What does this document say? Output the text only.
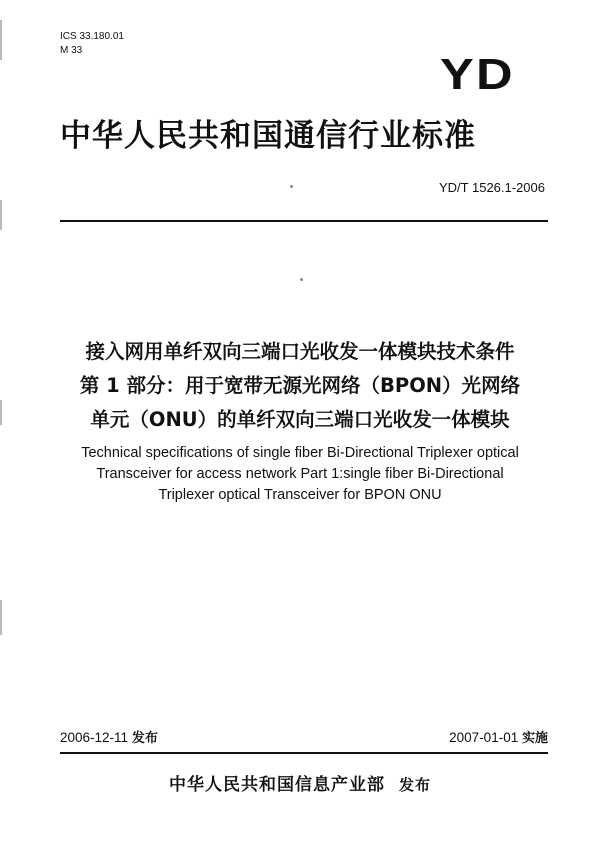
ICS 33.180.01
M 33	YD
中华人民共和国通信行业标准
YD/T 1526.1-2006
接入网用单纤双向三端口光收发一体模块技术条件
第 1 部分：用于宽带无源光网络（BPON）光网络
单元（ONU）的单纤双向三端口光收发一体模块
Technical specifications of single fiber Bi-Directional Triplexer optical
Transceiver for access network Part 1:single fiber Bi-Directional
Triplexer optical Transceiver for BPON ONU
2006-12-11 发布	2007-01-01 实施
中华人民共和国信息产业部 发布
